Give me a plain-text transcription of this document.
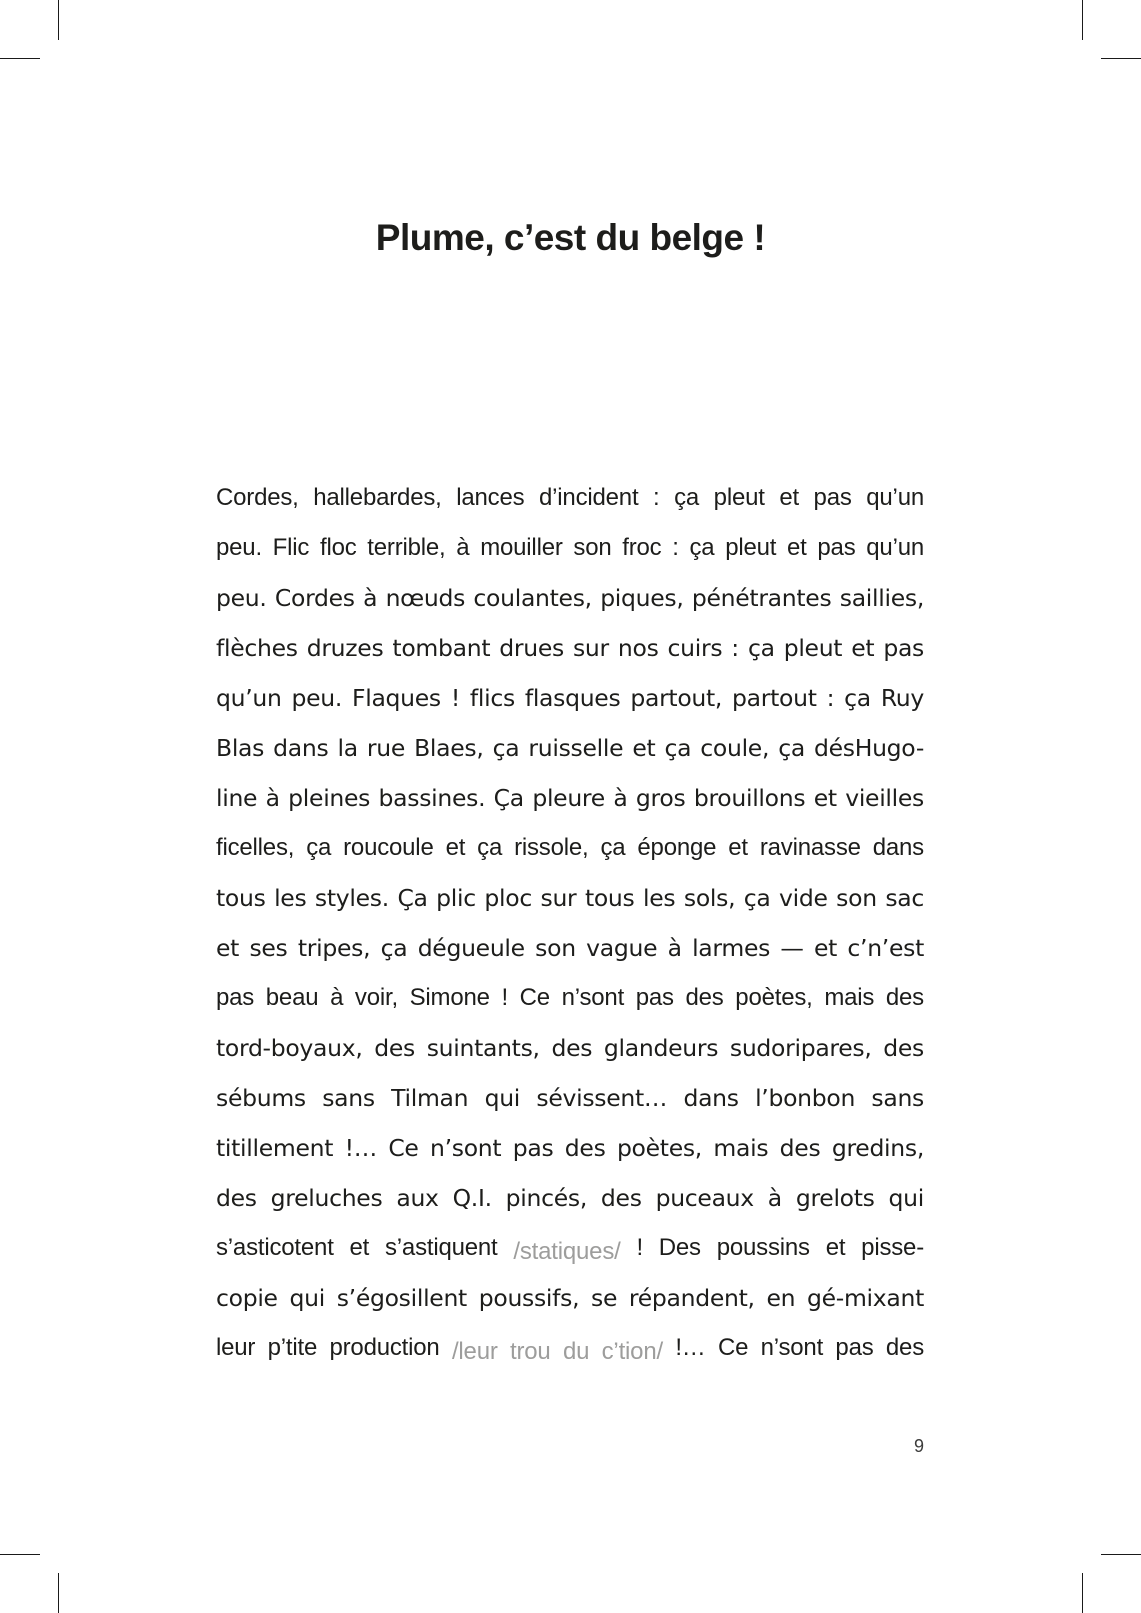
Plume, c’est du belge !
Cordes, hallebardes, lances d’incident : ça pleut et pas qu’un
peu. Flic floc terrible, à mouiller son froc : ça pleut et pas qu’un
peu. Cordes à nœuds coulantes, piques, pénétrantes saillies,
flèches druzes tombant drues sur nos cuirs : ça pleut et pas
qu’un peu. Flaques ! flics flasques partout, partout : ça Ruy
Blas dans la rue Blaes, ça ruisselle et ça coule, ça désHugo-
line à pleines bassines. Ça pleure à gros brouillons et vieilles
ficelles, ça roucoule et ça rissole, ça éponge et ravinasse dans
tous les styles. Ça plic ploc sur tous les sols, ça vide son sac
et ses tripes, ça dégueule son vague à larmes — et c’n’est
pas beau à voir, Simone ! Ce n’sont pas des poètes, mais des
tord-boyaux, des suintants, des glandeurs sudoripares, des
sébums sans Tilman qui sévissent… dans l’bonbon sans
titillement !… Ce n’sont pas des poètes, mais des gredins,
des greluches aux Q.I. pincés, des puceaux à grelots qui
s’asticotent et s’astiquent /statiques/ ! Des poussins et pisse-
copie qui s’égosillent poussifs, se répandent, en gé-mixant
leur p’tite production /leur trou du c’tion/ !… Ce n’sont pas des
9
